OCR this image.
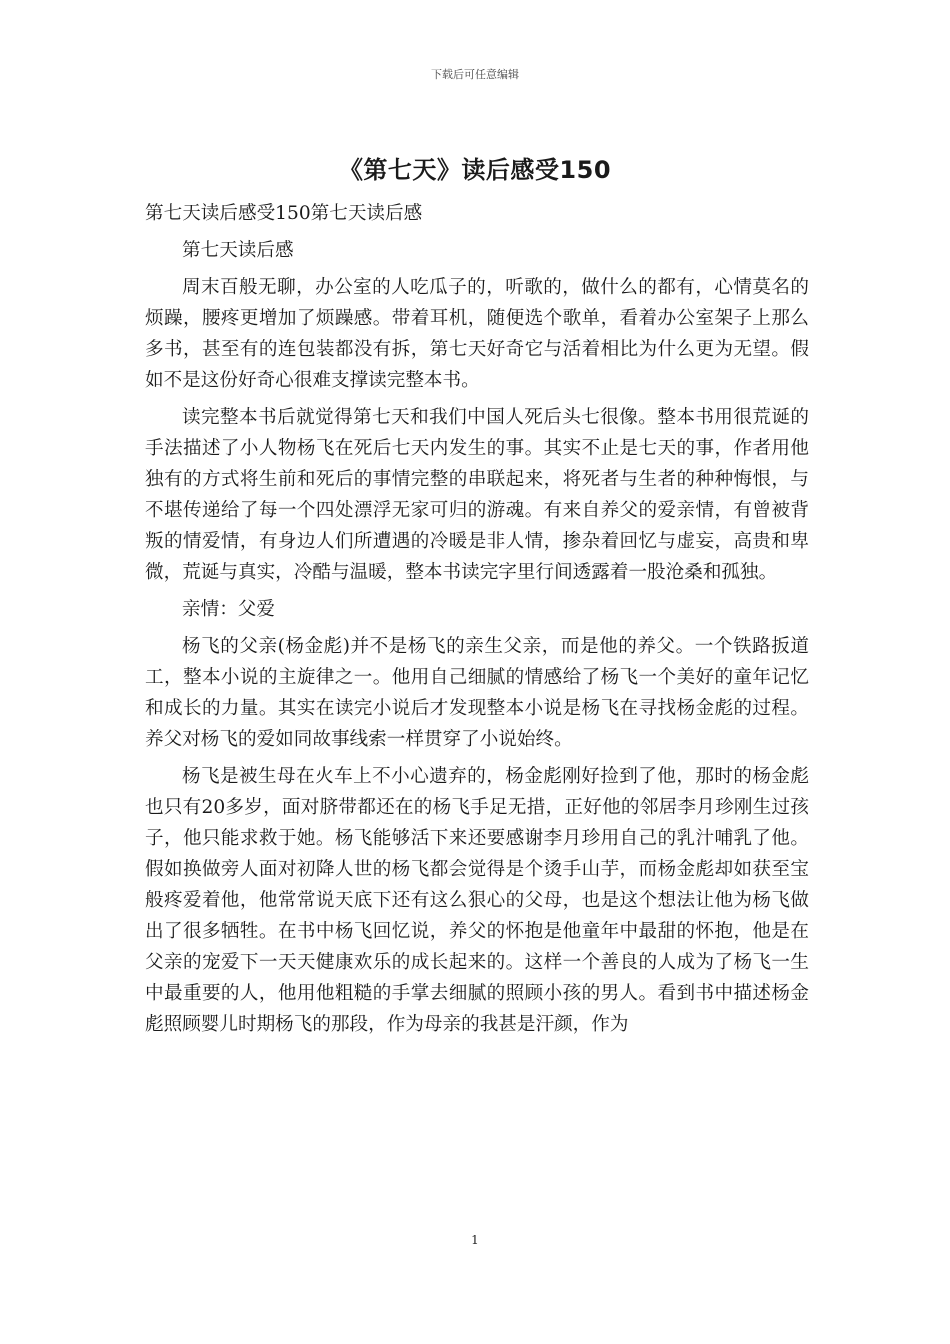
下载后可任意编辑
《第七天》读后感受150

第七天读后感受150第七天读后感

第七天读后感

周末百般无聊，办公室的人吃瓜子的，听歌的，做什么的都有，心情莫名的烦躁，腰疼更增加了烦躁感。带着耳机，随便选个歌单，看着办公室架子上那么多书，甚至有的连包装都没有拆，第七天好奇它与活着相比为什么更为无望。假如不是这份好奇心很难支撑读完整本书。

读完整本书后就觉得第七天和我们中国人死后头七很像。整本书用很荒诞的手法描述了小人物杨飞在死后七天内发生的事。其实不止是七天的事，作者用他独有的方式将生前和死后的事情完整的串联起来，将死者与生者的种种悔恨，与不堪传递给了每一个四处漂浮无家可归的游魂。有来自养父的爱亲情，有曾被背叛的情爱情，有身边人们所遭遇的冷暖是非人情，掺杂着回忆与虚妄，高贵和卑微，荒诞与真实，冷酷与温暖，整本书读完字里行间透露着一股沧桑和孤独。

亲情：父爱

杨飞的父亲(杨金彪)并不是杨飞的亲生父亲，而是他的养父。一个铁路扳道工，整本小说的主旋律之一。他用自己细腻的情感给了杨飞一个美好的童年记忆和成长的力量。其实在读完小说后才发现整本小说是杨飞在寻找杨金彪的过程。养父对杨飞的爱如同故事线索一样贯穿了小说始终。

杨飞是被生母在火车上不小心遗弃的，杨金彪刚好捡到了他，那时的杨金彪也只有20多岁，面对脐带都还在的杨飞手足无措，正好他的邻居李月珍刚生过孩子，他只能求救于她。杨飞能够活下来还要感谢李月珍用自己的乳汁哺乳了他。假如换做旁人面对初降人世的杨飞都会觉得是个烫手山芋，而杨金彪却如获至宝般疼爱着他，他常常说天底下还有这么狠心的父母，也是这个想法让他为杨飞做出了很多牺牲。在书中杨飞回忆说，养父的怀抱是他童年中最甜的怀抱，他是在父亲的宠爱下一天天健康欢乐的成长起来的。这样一个善良的人成为了杨飞一生中最重要的人，他用他粗糙的手掌去细腻的照顾小孩的男人。看到书中描述杨金彪照顾婴儿时期杨飞的那段，作为母亲的我甚是汗颜，作为

1
